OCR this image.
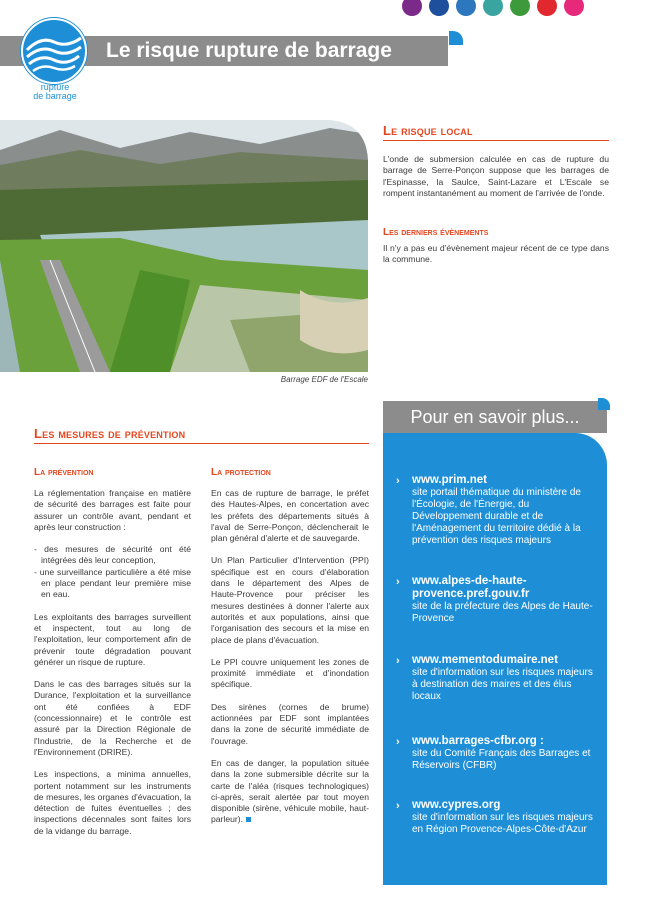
Le risque rupture de barrage
rupture
de barrage
Barrage EDF de l'Escale
Le risque local
L'onde de submersion calculée en cas de rupture du barrage de Serre-Ponçon suppose que les barrages de l'Espinasse, la Saulce, Saint-Lazare et L'Escale se rompent instantanément au moment de l'arrivée de l'onde.
Les derniers évènements
Il n'y a pas eu d'évènement majeur récent de ce type dans la commune.
Les mesures de prévention
La prévention

La réglementation française en matière de sécurité des barrages est faite pour assurer un contrôle avant, pendant et après leur construction :

- des mesures de sécurité ont été intégrées dès leur conception,
- une surveillance particulière a été mise en place pendant leur première mise en eau.

Les exploitants des barrages surveillent et inspectent, tout au long de l'exploitation, leur comportement afin de prévenir toute dégradation pouvant générer un risque de rupture.

Dans le cas des barrages situés sur la Durance, l'exploitation et la surveillance ont été confiées à EDF (concessionnaire) et le contrôle est assuré par la Direction Régionale de l'Industrie, de la Recherche et de l'Environnement (DRIRE).

Les inspections, a minima annuelles, portent notamment sur les instruments de mesures, les organes d'évacuation, la détection de fuites éventuelles ; des inspections décennales sont faites lors de la vidange du barrage.

La protection

En cas de rupture de barrage, le préfet des Hautes-Alpes, en concertation avec les préfets des départements situés à l'aval de Serre-Ponçon, déclencherait le plan général d'alerte et de sauvegarde.

Un Plan Particulier d'Intervention (PPI) spécifique est en cours d'élaboration dans le département des Alpes de Haute-Provence pour préciser les mesures destinées à donner l'alerte aux autorités et aux populations, ainsi que l'organisation des secours et la mise en place de plans d'évacuation.

Le PPI couvre uniquement les zones de proximité immédiate et d'inondation spécifique.

Des sirènes (cornes de brume) actionnées par EDF sont implantées dans la zone de sécurité immédiate de l'ouvrage.

En cas de danger, la population située dans la zone submersible décrite sur la carte de l'aléa (risques technologiques) ci-après, serait alertée par tout moyen disponible (sirène, véhicule mobile, haut-parleur).

Pour en savoir plus...
› www.prim.net
site portail thématique du ministère de l'Écologie, de l'Énergie, du Développement durable et de l'Aménagement du territoire dédié à la prévention des risques majeurs
› www.alpes-de-haute-provence.pref.gouv.fr
site de la préfecture des Alpes de Haute-Provence
› www.mementodumaire.net
site d'information sur les risques majeurs à destination des maires et des élus locaux
› www.barrages-cfbr.org :
site du Comité Français des Barrages et Réservoirs (CFBR)
› www.cypres.org
site d'information sur les risques majeurs en Région Provence-Alpes-Côte-d'Azur
